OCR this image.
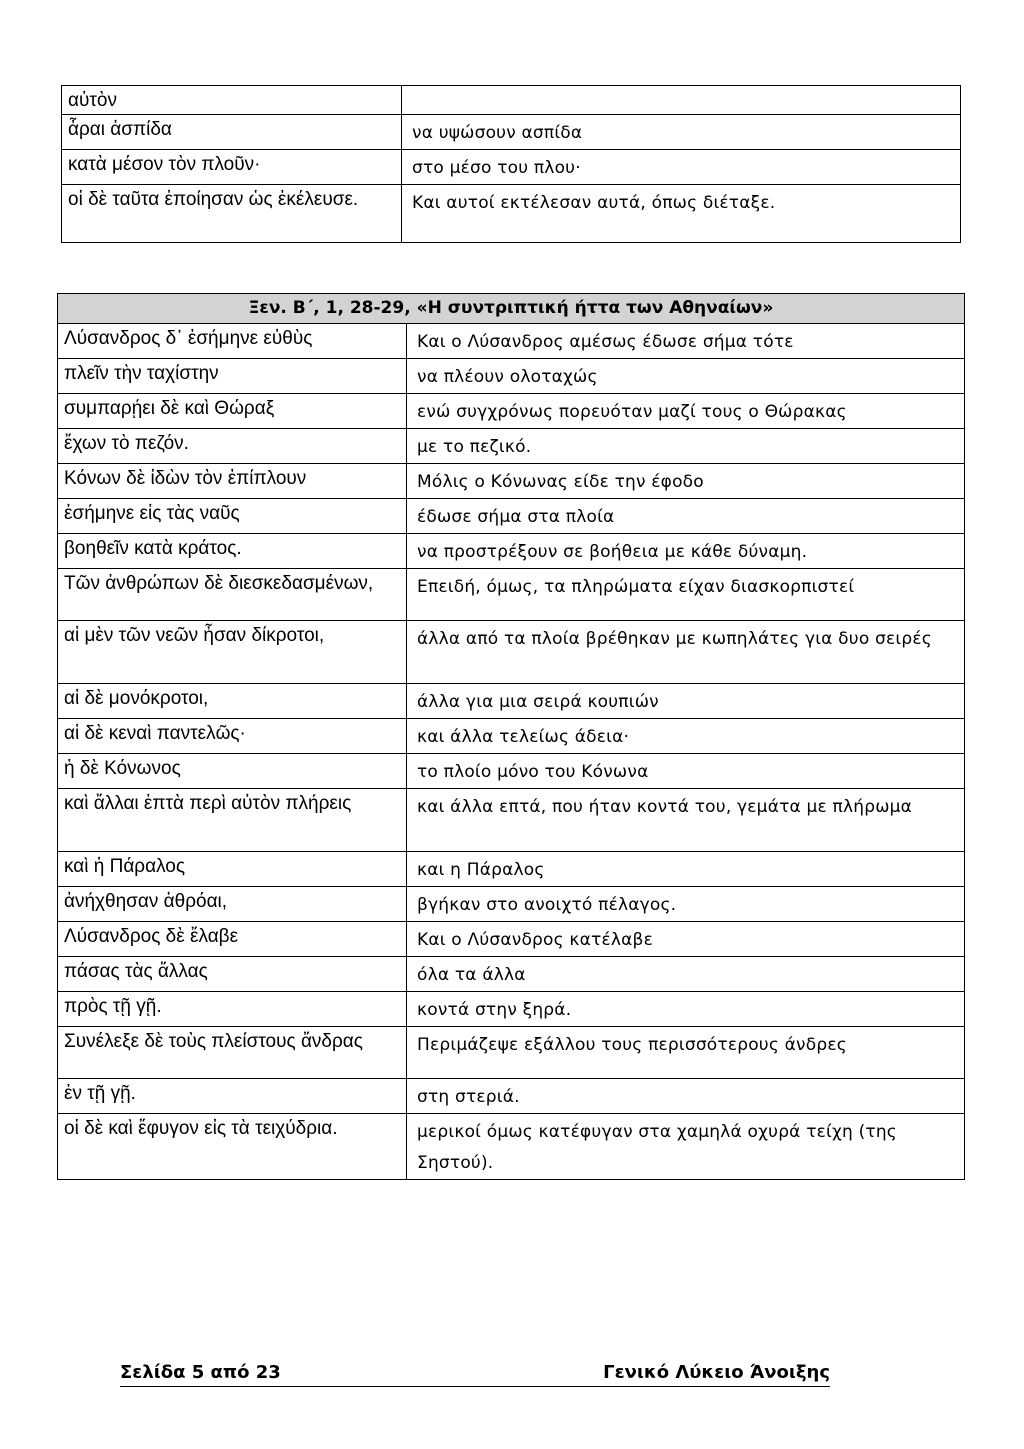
αὐτὸν	
ἆραι ἀσπίδα	να υψώσουν ασπίδα
κατὰ μέσον τὸν πλοῦν·	στο μέσο του πλου·
οἱ δὲ ταῦτα ἐποίησαν ὡς ἐκέλευσε.	Και αυτοί εκτέλεσαν αυτά, όπως διέταξε.
Ξεν. Β΄, 1, 28-29, «Η συντριπτική ήττα των Αθηναίων»	
Λύσανδρος δ᾽ ἐσήμηνε εὐθὺς	Και ο Λύσανδρος αμέσως έδωσε σήμα τότε
πλεῖν τὴν ταχίστην	να πλέουν ολοταχώς
συμπαρῄει δὲ καὶ Θώραξ	ενώ συγχρόνως πορευόταν μαζί τους ο Θώρακας
ἔχων τὸ πεζόν.	με το πεζικό.
Κόνων δὲ ἰδὼν τὸν ἐπίπλουν	Μόλις ο Κόνωνας είδε την έφοδο
ἐσήμηνε εἰς τὰς ναῦς	έδωσε σήμα στα πλοία
βοηθεῖν κατὰ κράτος.	να προστρέξουν σε βοήθεια με κάθε δύναμη.
Τῶν ἀνθρώπων δὲ διεσκεδασμένων,	Επειδή, όμως, τα πληρώματα είχαν διασκορπιστεί
αἱ μὲν τῶν νεῶν ἦσαν δίκροτοι,	άλλα από τα πλοία βρέθηκαν με κωπηλάτες για δυο σειρές
αἱ δὲ μονόκροτοι,	άλλα για μια σειρά κουπιών
αἱ δὲ κεναὶ παντελῶς·	και άλλα τελείως άδεια·
ἡ δὲ Κόνωνος	το πλοίο μόνο του Κόνωνα
καὶ ἄλλαι ἑπτὰ περὶ αὐτὸν πλήρεις	και άλλα επτά, που ήταν κοντά του, γεμάτα με πλήρωμα
καὶ ἡ Πάραλος	και η Πάραλος
ἀνήχθησαν ἁθρόαι,	βγήκαν στο ανοιχτό πέλαγος.
Λύσανδρος δὲ ἔλαβε	Και ο Λύσανδρος κατέλαβε
πάσας τὰς ἄλλας	όλα τα άλλα
πρὸς τῇ γῇ.	κοντά στην ξηρά.
Συνέλεξε δὲ τοὺς πλείστους ἄνδρας	Περιμάζεψε εξάλλου τους περισσότερους άνδρες
ἐν τῇ γῇ.	στη στεριά.
οἱ δὲ καὶ ἔφυγον εἰς τὰ τειχύδρια.	μερικοί όμως κατέφυγαν στα χαμηλά οχυρά τείχη (της Σηστού).
Σελίδα 5 από 23	Γενικό Λύκειο Άνοιξης
